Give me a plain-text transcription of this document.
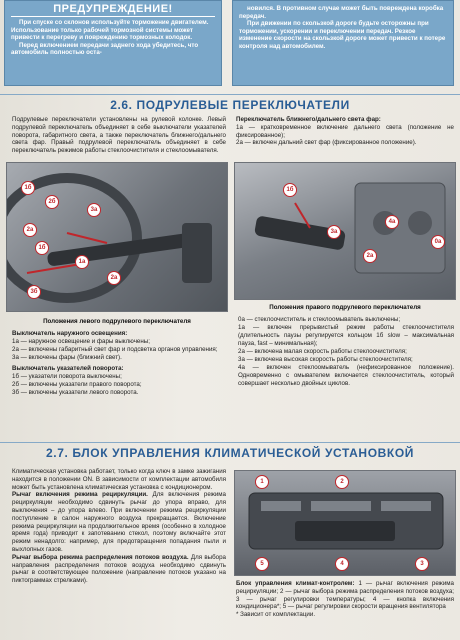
ПРЕДУПРЕЖДЕНИЕ!
При спуске со склонов используйте торможение двигателем. Использование только рабочей тормозной системы может привести к перегреву и повреждению тормозных колодок.
Перед включением передачи заднего хода убедитесь, что автомобиль полностью оста-
новился. В противном случае может быть повреждена коробка передач.
При движении по скользкой дороге будьте осторожны при торможении, ускорении и переключении передач. Резкое изменение скорости на скользкой дороге может привести к потере контроля над автомобилем.
2.6. ПОДРУЛЕВЫЕ ПЕРЕКЛЮЧАТЕЛИ
Подрулевые переключатели установлены на рулевой колонке. Левый подрулевой переключатель объединяет в себе выключатели указателей поворота, габаритного света, а также переключатель ближнего/дальнего света фар. Правый подрулевой переключатель объединяет в себе переключатель режимов работы стеклоочистителя и стеклоомывателя.
Переключатель ближнего/дальнего света фар:
1а — кратковременное включение дальнего света (положение не фиксированное);
2а — включен дальний свет фар (фиксированное положение).
1б
2б
3а
2а
1б
1а
3б
2а
Положения левого подрулевого переключателя
1б
3а
2а
0а
4а
Положения правого подрулевого переключателя
Выключатель наружного освещения:
1а — наружное освещение и фары выключены;
2а — включены габаритный свет фар и подсветка органов управления;
3а — включены фары (ближний свет).
Выключатель указателей поворота:
1б — указатели поворота выключены;
2б — включены указатели правого поворота;
3б — включены указатели левого поворота.
0а — стеклоочиститель и стеклоомыватель выключены;
1а — включен прерывистый режим работы стеклоочистителя (длительность паузы регулируется кольцом 1б slow – максимальная пауза, fast – минимальная);
2а — включена малая скорость работы стеклоочистителя;
3а — включена высокая скорость работы стеклоочистителя;
4а — включен стеклоомыватель (нефиксированное положение). Одновременно с омывателем включается стеклоочиститель, который совершает несколько двойных циклов.
2.7. БЛОК УПРАВЛЕНИЯ КЛИМАТИЧЕСКОЙ УСТАНОВКОЙ
Климатическая установка работает, только когда ключ в замке зажигания находится в положении ON. В зависимости от комплектации автомобиля может быть установлена климатическая установка с кондиционером.
Рычаг включения режима рециркуляции. Для включения режима рециркуляции необходимо сдвинуть рычаг до упора вправо, для выключения – до упора влево. При включении режима рециркуляции поступление в салон наружного воздуха прекращается. Включение режима рециркуляции на продолжительное время (особенно в холодное время года) приводит к запотеванию стекол, поэтому включайте этот режим ненадолго: например, для предотвращения попадания пыли и выхлопных газов.
Рычаг выбора режима распределения потоков воздуха. Для выбора направления распределения потоков воздуха необходимо сдвинуть рычаг в соответствующее положение (направление потоков указано на пиктограммах стрелками).
1	2
3
4
5
Блок управления климат-контролем: 1 — рычаг включения режима рециркуляции; 2 — рычаг выбора режима распределения потоков воздуха; 3 — рычаг регулировки температуры; 4 — кнопка включения кондиционера*; 5 — рычаг регулировки скорости вращения вентилятора
* Зависит от комплектации.
